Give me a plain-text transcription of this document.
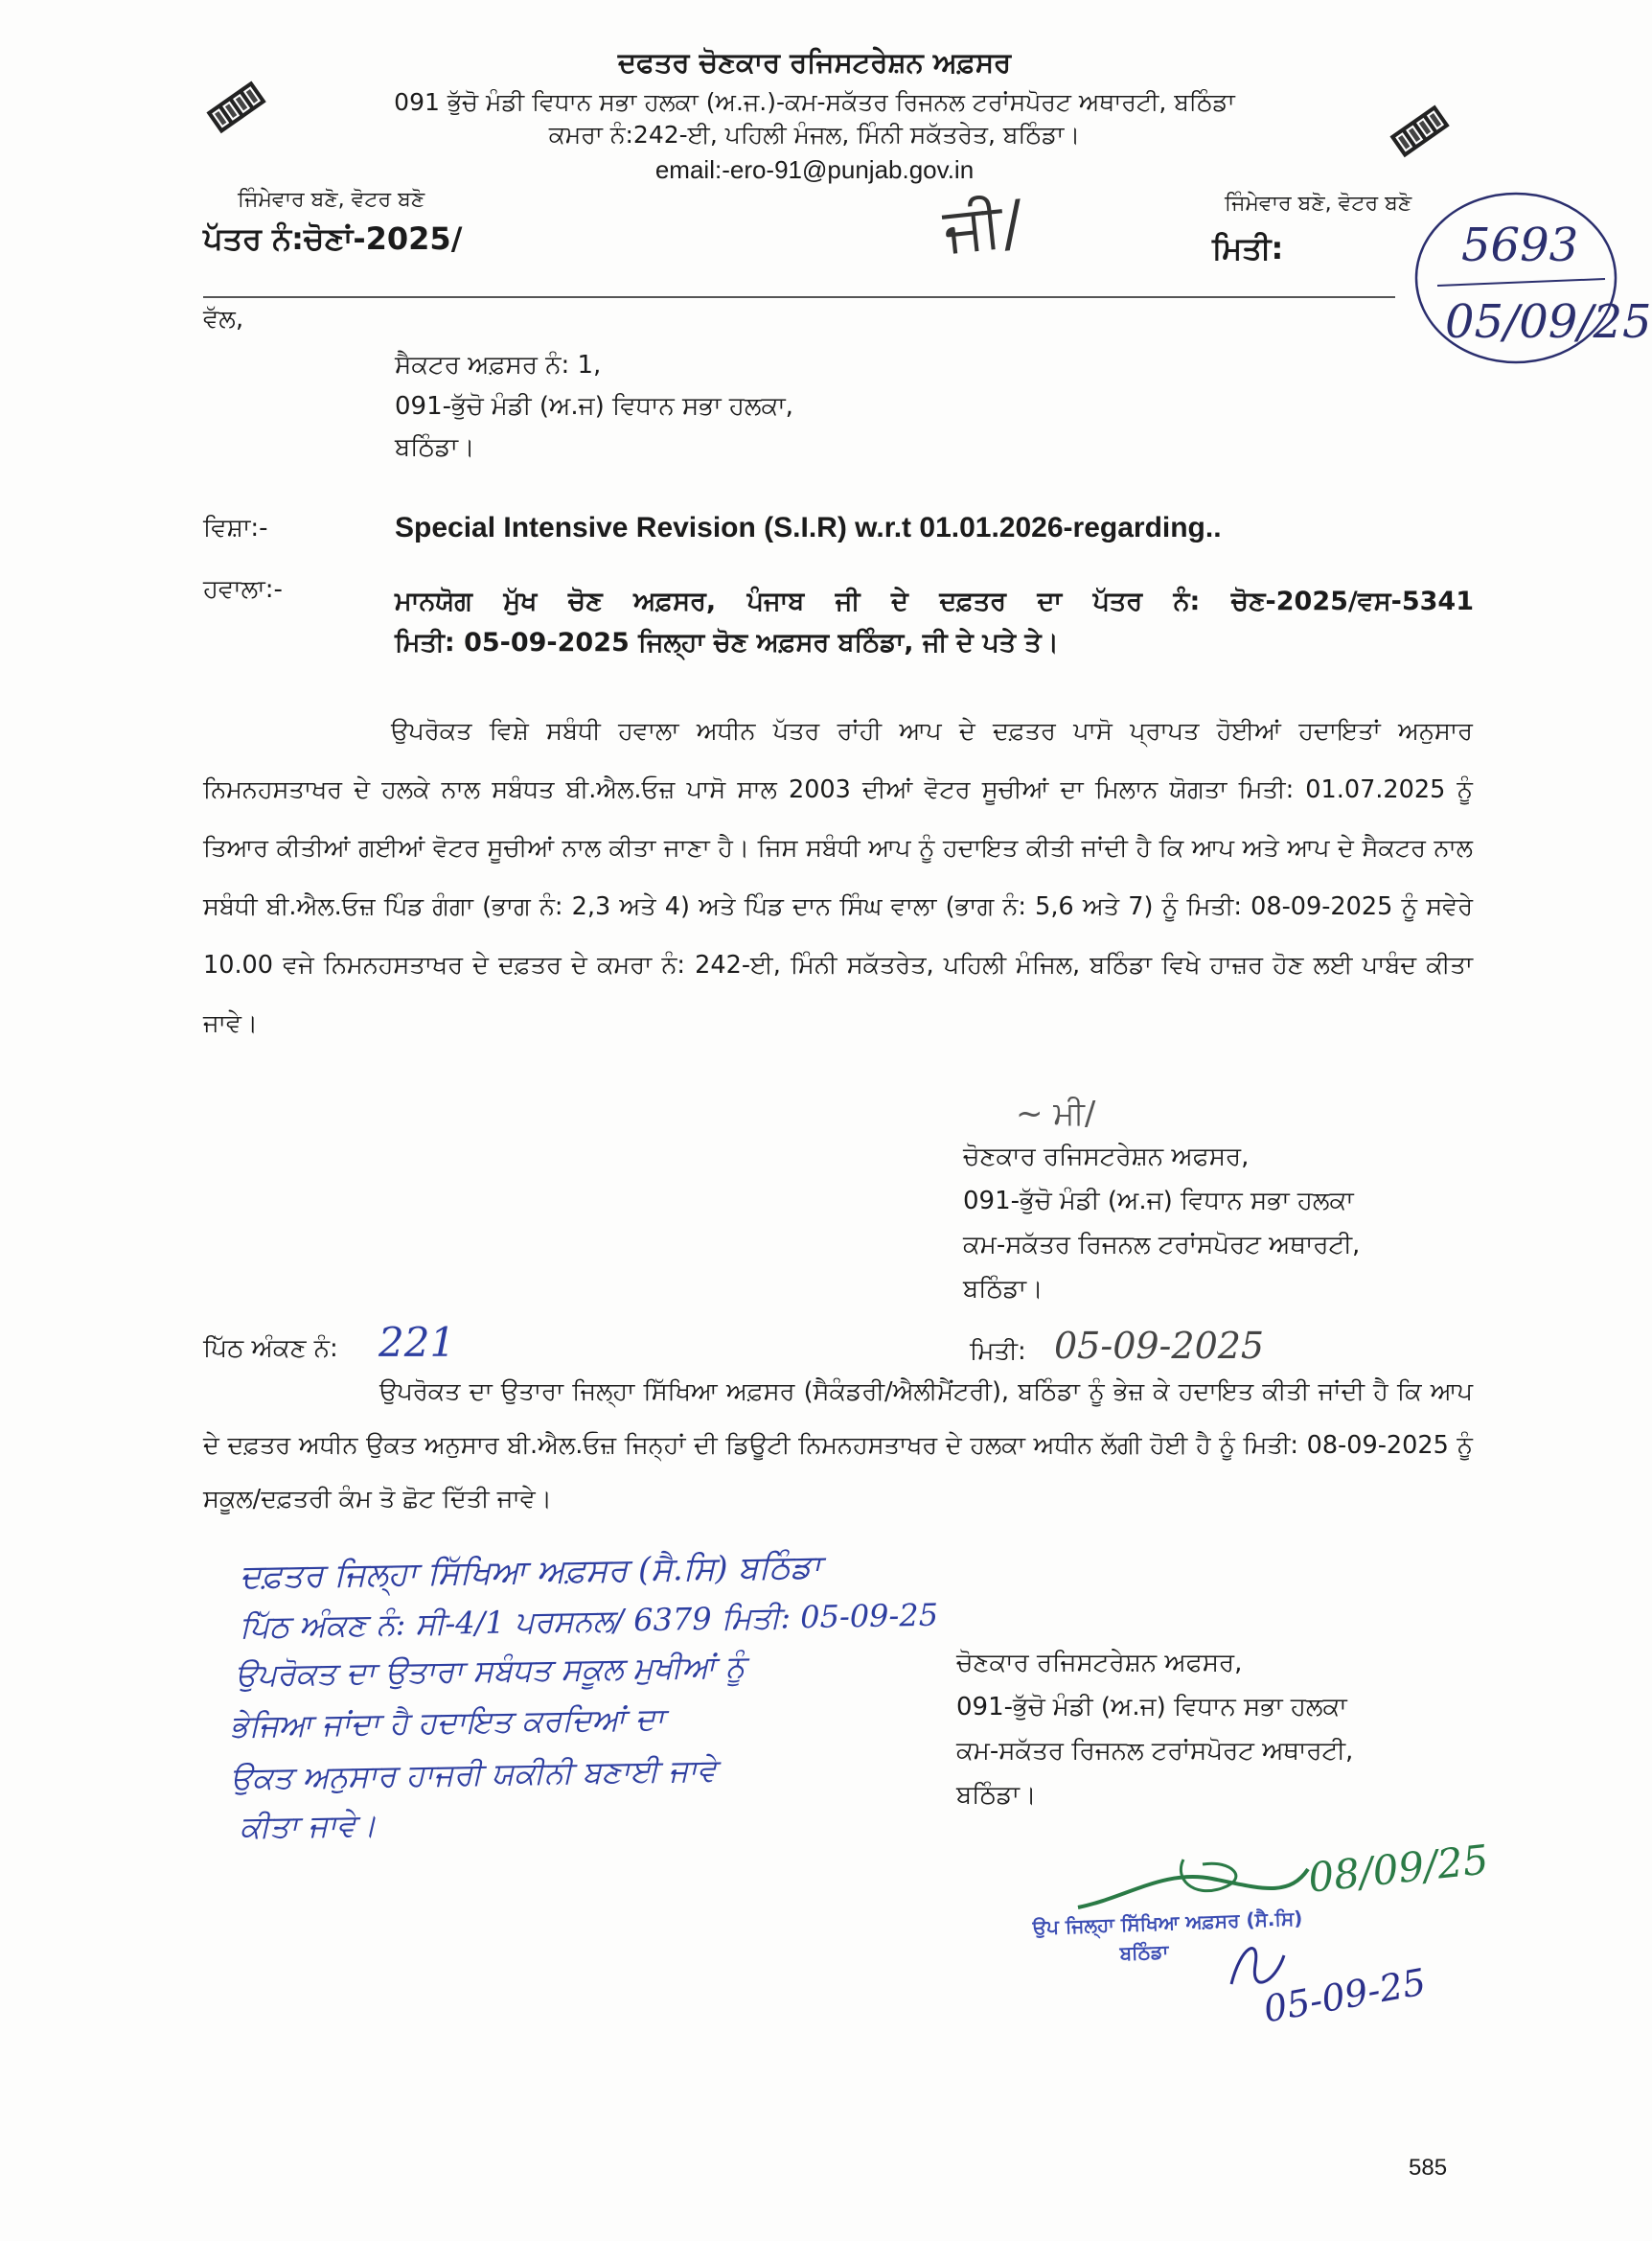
ਦਫਤਰ ਚੋਣਕਾਰ ਰਜਿਸਟਰੇਸ਼ਨ ਅਫ਼ਸਰ
091 ਭੁੱਚੋ ਮੰਡੀ ਵਿਧਾਨ ਸਭਾ ਹਲਕਾ (ਅ.ਜ.)-ਕਮ-ਸਕੱਤਰ ਰਿਜਨਲ ਟਰਾਂਸਪੋਰਟ ਅਥਾਰਟੀ, ਬਠਿੰਡਾ
ਕਮਰਾ ਨੰ:242-ਈ, ਪਹਿਲੀ ਮੰਜਲ, ਮਿੰਨੀ ਸਕੱਤਰੇਤ, ਬਠਿੰਡਾ।
email:-ero-91@punjab.gov.in
ਜਿੰਮੇਵਾਰ ਬਣੋ, ਵੋਟਰ ਬਣੋ	ਜਿੰਮੇਵਾਰ ਬਣੋ, ਵੋਟਰ ਬਣੋ
ਪੱਤਰ ਨੰ:ਚੋਣਾਂ-2025/	ਮਿਤੀ:
ਜੀ/	5693
05/09/25
ਵੱਲ,
ਸੈਕਟਰ ਅਫ਼ਸਰ ਨੰ: 1,
091-ਭੁੱਚੋ ਮੰਡੀ (ਅ.ਜ) ਵਿਧਾਨ ਸਭਾ ਹਲਕਾ,
ਬਠਿੰਡਾ।
ਵਿਸ਼ਾ:-	Special Intensive Revision (S.I.R) w.r.t 01.01.2026-regarding..
ਹਵਾਲਾ:-	ਮਾਨਯੋਗ ਮੁੱਖ ਚੋਣ ਅਫ਼ਸਰ, ਪੰਜਾਬ ਜੀ ਦੇ ਦਫ਼ਤਰ ਦਾ ਪੱਤਰ ਨੰ: ਚੋਣ-2025/ਵਸ-5341
ਮਿਤੀ: 05-09-2025 ਜਿਲ੍ਹਾ ਚੋਣ ਅਫ਼ਸਰ ਬਠਿੰਡਾ, ਜੀ ਦੇ ਪਤੇ ਤੇ।
ਉਪਰੋਕਤ ਵਿਸ਼ੇ ਸਬੰਧੀ ਹਵਾਲਾ ਅਧੀਨ ਪੱਤਰ ਰਾਂਹੀ ਆਪ ਦੇ ਦਫ਼ਤਰ ਪਾਸੋ ਪ੍ਰਾਪਤ ਹੋਈਆਂ ਹਦਾਇਤਾਂ ਅਨੁਸਾਰ ਨਿਮਨਹਸਤਾਖਰ ਦੇ ਹਲਕੇ ਨਾਲ ਸਬੰਧਤ ਬੀ.ਐਲ.ਓਜ਼ ਪਾਸੋ ਸਾਲ 2003 ਦੀਆਂ ਵੋਟਰ ਸੂਚੀਆਂ ਦਾ ਮਿਲਾਨ ਯੋਗਤਾ ਮਿਤੀ: 01.07.2025 ਨੂੰ ਤਿਆਰ ਕੀਤੀਆਂ ਗਈਆਂ ਵੋਟਰ ਸੂਚੀਆਂ ਨਾਲ ਕੀਤਾ ਜਾਣਾ ਹੈ। ਜਿਸ ਸਬੰਧੀ ਆਪ ਨੂੰ ਹਦਾਇਤ ਕੀਤੀ ਜਾਂਦੀ ਹੈ ਕਿ ਆਪ ਅਤੇ ਆਪ ਦੇ ਸੈਕਟਰ ਨਾਲ ਸਬੰਧੀ ਬੀ.ਐਲ.ਓਜ਼ ਪਿੰਡ ਗੰਗਾ (ਭਾਗ ਨੰ: 2,3 ਅਤੇ 4) ਅਤੇ ਪਿੰਡ ਦਾਨ ਸਿੰਘ ਵਾਲਾ (ਭਾਗ ਨੰ: 5,6 ਅਤੇ 7) ਨੂੰ ਮਿਤੀ: 08-09-2025 ਨੂੰ ਸਵੇਰੇ 10.00 ਵਜੇ ਨਿਮਨਹਸਤਾਖਰ ਦੇ ਦਫ਼ਤਰ ਦੇ ਕਮਰਾ ਨੰ: 242-ਈ, ਮਿੰਨੀ ਸਕੱਤਰੇਤ, ਪਹਿਲੀ ਮੰਜਿਲ, ਬਠਿੰਡਾ ਵਿਖੇ ਹਾਜ਼ਰ ਹੋਣ ਲਈ ਪਾਬੰਦ ਕੀਤਾ ਜਾਵੇ।
~ ਮੀ/
ਚੋਣਕਾਰ ਰਜਿਸਟਰੇਸ਼ਨ ਅਫਸਰ,
091-ਭੁੱਚੋ ਮੰਡੀ (ਅ.ਜ) ਵਿਧਾਨ ਸਭਾ ਹਲਕਾ
ਕਮ-ਸਕੱਤਰ ਰਿਜਨਲ ਟਰਾਂਸਪੋਰਟ ਅਥਾਰਟੀ,
ਬਠਿੰਡਾ।
ਪਿੱਠ ਅੰਕਣ ਨੰ: 221	ਮਿਤੀ: 05-09-2025
ਉਪਰੋਕਤ ਦਾ ਉਤਾਰਾ ਜਿਲ੍ਹਾ ਸਿੱਖਿਆ ਅਫ਼ਸਰ (ਸੈਕੰਡਰੀ/ਐਲੀਮੈਂਟਰੀ), ਬਠਿੰਡਾ ਨੂੰ ਭੇਜ਼ ਕੇ ਹਦਾਇਤ ਕੀਤੀ ਜਾਂਦੀ ਹੈ ਕਿ ਆਪ ਦੇ ਦਫ਼ਤਰ ਅਧੀਨ ਉਕਤ ਅਨੁਸਾਰ ਬੀ.ਐਲ.ਓਜ਼ ਜਿਨ੍ਹਾਂ ਦੀ ਡਿਊਟੀ ਨਿਮਨਹਸਤਾਖਰ ਦੇ ਹਲਕਾ ਅਧੀਨ ਲੱਗੀ ਹੋਈ ਹੈ ਨੂੰ ਮਿਤੀ: 08-09-2025 ਨੂੰ ਸਕੂਲ/ਦਫ਼ਤਰੀ ਕੰਮ ਤੋ ਛੋਟ ਦਿੱਤੀ ਜਾਵੇ।
ਦਫ਼ਤਰ ਜਿਲ੍ਹਾ ਸਿੱਖਿਆ ਅਫ਼ਸਰ (ਸੈ.ਸਿ) ਬਠਿੰਡਾ
ਪਿੱਠ ਅੰਕਣ ਨੰ: ਸੀ-4/1 ਪਰਸਨਲ/ 6379 ਮਿਤੀ: 05-09-25
ਉਪਰੋਕਤ ਦਾ ਉਤਾਰਾ ਸਬੰਧਤ ਸਕੂਲ ਮੁਖੀਆਂ ਨੂੰ
ਭੇਜਿਆ ਜਾਂਦਾ ਹੈ ਹਦਾਇਤ ਕਰਦਿਆਂ ਦਾ
ਉਕਤ ਅਨੁਸਾਰ ਹਾਜਰੀ ਯਕੀਨੀ ਬਣਾਈ ਜਾਵੇ
ਕੀਤਾ ਜਾਵੇ।
ਚੋਣਕਾਰ ਰਜਿਸਟਰੇਸ਼ਨ ਅਫਸਰ,
091-ਭੁੱਚੋ ਮੰਡੀ (ਅ.ਜ) ਵਿਧਾਨ ਸਭਾ ਹਲਕਾ
ਕਮ-ਸਕੱਤਰ ਰਿਜਨਲ ਟਰਾਂਸਪੋਰਟ ਅਥਾਰਟੀ,
ਬਠਿੰਡਾ।
08/09/25
ਉਪ ਜਿਲ੍ਹਾ ਸਿੱਖਿਆ ਅਫ਼ਸਰ (ਸੈ.ਸਿ)
ਬਠਿੰਡਾ
05-09-25
585
